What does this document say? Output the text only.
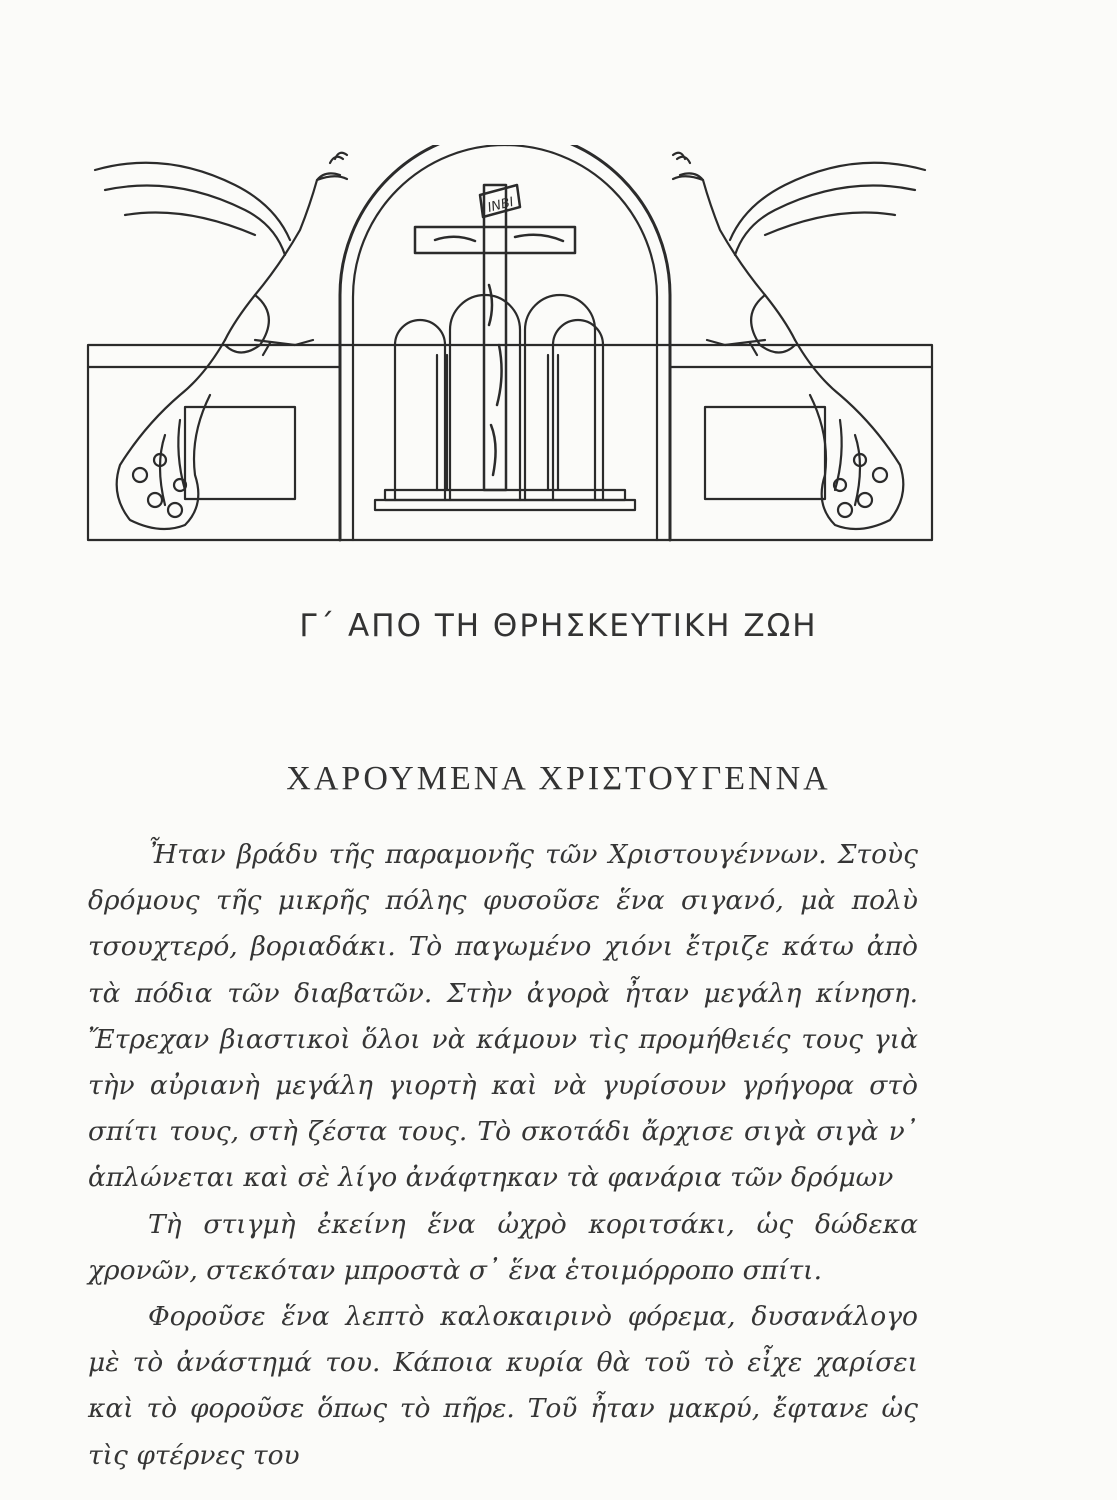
INBI
Γ΄ ΑΠΟ ΤΗ ΘΡΗΣΚΕΥΤΙΚΗ ΖΩΗ
ΧΑΡΟΥΜΕΝΑ ΧΡΙΣΤΟΥΓΕΝΝΑ

Ἦταν βράδυ τῆς παραμονῆς τῶν Χριστουγέννων. Στοὺς δρόμους τῆς μικρῆς πόλης φυσοῦσε ἕνα σιγανό, μὰ πολὺ τσουχτερό, βοριαδάκι. Τὸ παγωμένο χιόνι ἔτριζε κάτω ἀπὸ τὰ πόδια τῶν διαβατῶν. Στὴν ἀγορὰ ἦταν μεγάλη κίνηση. Ἔτρεχαν βιαστικοὶ ὅλοι νὰ κάμουν τὶς προμήθειές τους γιὰ τὴν αὐριανὴ μεγάλη γιορτὴ καὶ νὰ γυρίσουν γρήγορα στὸ σπίτι τους, στὴ ζέστα τους. Τὸ σκοτάδι ἄρχισε σιγὰ σιγὰ ν᾿ ἁπλώνεται καὶ σὲ λίγο ἀνάφτηκαν τὰ φανάρια τῶν δρόμων

Τὴ στιγμὴ ἐκείνη ἕνα ὠχρὸ κοριτσάκι, ὡς δώδεκα χρονῶν, στεκόταν μπροστὰ σ᾿ ἕνα ἑτοιμόρροπο σπίτι.

Φοροῦσε ἕνα λεπτὸ καλοκαιρινὸ φόρεμα, δυσανάλογο μὲ τὸ ἀνάστημά του. Κάποια κυρία θὰ τοῦ τὸ εἶχε χαρίσει καὶ τὸ φοροῦσε ὅπως τὸ πῆρε. Τοῦ ἦταν μακρύ, ἔφτανε ὡς τὶς φτέρνες του
